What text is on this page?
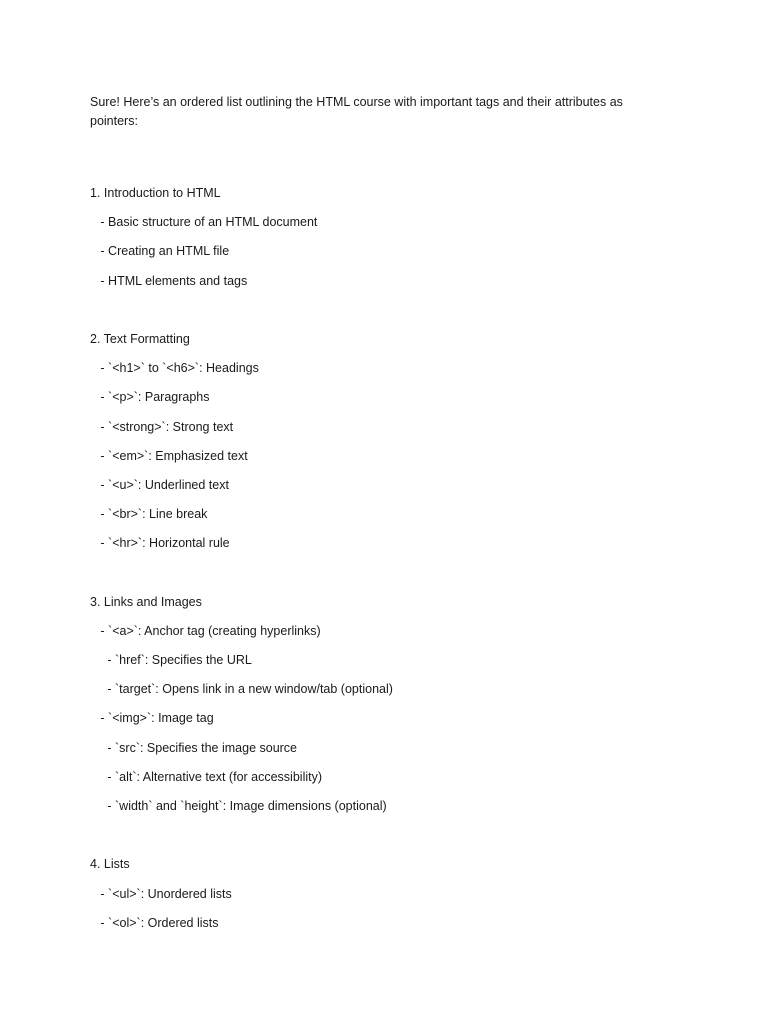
Sure! Here’s an ordered list outlining the HTML course with important tags and their attributes as pointers:

1. Introduction to HTML
- Basic structure of an HTML document
- Creating an HTML file
- HTML elements and tags
2. Text Formatting
- `<h1>` to `<h6>`: Headings
- `<p>`: Paragraphs
- `<strong>`: Strong text
- `<em>`: Emphasized text
- `<u>`: Underlined text
- `<br>`: Line break
- `<hr>`: Horizontal rule
3. Links and Images
- `<a>`: Anchor tag (creating hyperlinks)
- `href`: Specifies the URL
- `target`: Opens link in a new window/tab (optional)
- `<img>`: Image tag
- `src`: Specifies the image source
- `alt`: Alternative text (for accessibility)
- `width` and `height`: Image dimensions (optional)
4. Lists
- `<ul>`: Unordered lists
- `<ol>`: Ordered lists
